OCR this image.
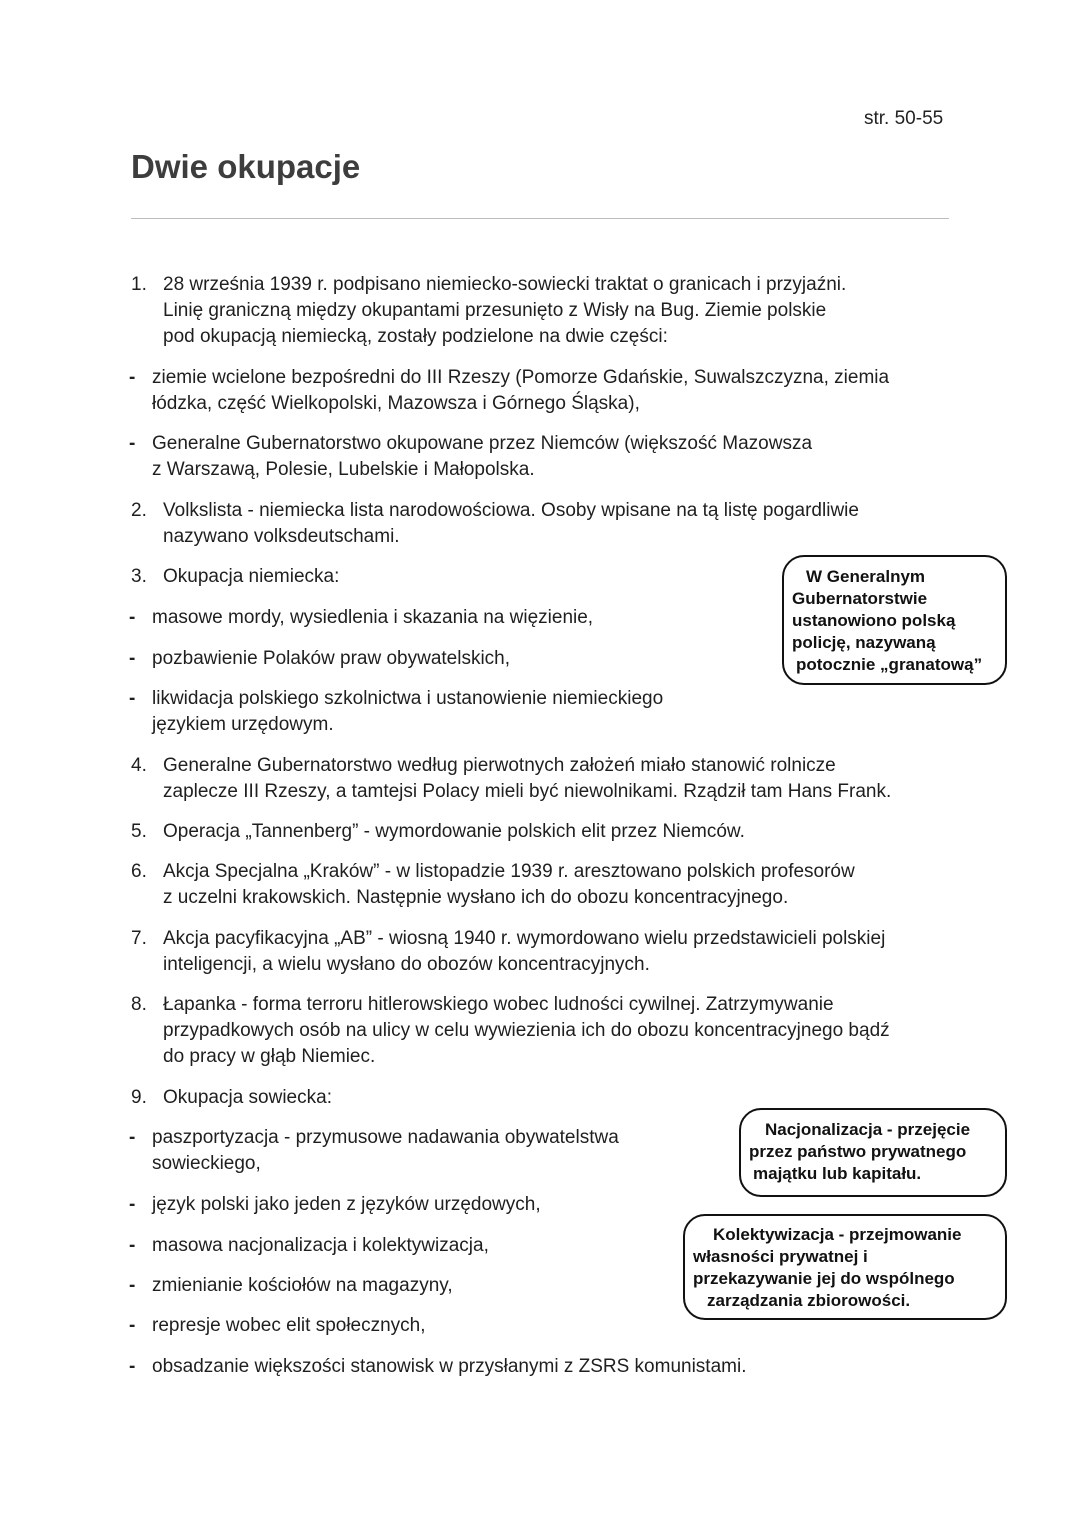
str. 50-55
Dwie okupacje
1. 28 września 1939 r. podpisano niemiecko-sowiecki traktat o granicach i przyjaźni.
Linię graniczną między okupantami przesunięto z Wisły na Bug. Ziemie polskie
pod okupacją niemiecką, zostały podzielone na dwie części:
- ziemie wcielone bezpośredni do III Rzeszy (Pomorze Gdańskie, Suwalszczyzna, ziemia
łódzka, część Wielkopolski, Mazowsza i Górnego Śląska),
- Generalne Gubernatorstwo okupowane przez Niemców (większość Mazowsza
z Warszawą, Polesie, Lubelskie i Małopolska.
2. Volkslista - niemiecka lista narodowościowa. Osoby wpisane na tą listę pogardliwie
nazywano volksdeutschami.
3. Okupacja niemiecka:
- masowe mordy, wysiedlenia i skazania na więzienie,
- pozbawienie Polaków praw obywatelskich,
- likwidacja polskiego szkolnictwa i ustanowienie niemieckiego
językiem urzędowym.
W Generalnym
Gubernatorstwie
ustanowiono polską
policję, nazywaną
potocznie „granatową”
4. Generalne Gubernatorstwo według pierwotnych założeń miało stanowić rolnicze
zaplecze III Rzeszy, a tamtejsi Polacy mieli być niewolnikami. Rządził tam Hans Frank.
5. Operacja „Tannenberg” - wymordowanie polskich elit przez Niemców.
6. Akcja Specjalna „Kraków” - w listopadzie 1939 r. aresztowano polskich profesorów
z uczelni krakowskich. Następnie wysłano ich do obozu koncentracyjnego.
7. Akcja pacyfikacyjna „AB” - wiosną 1940 r. wymordowano wielu przedstawicieli polskiej
inteligencji, a wielu wysłano do obozów koncentracyjnych.
8. Łapanka - forma terroru hitlerowskiego wobec ludności cywilnej. Zatrzymywanie
przypadkowych osób na ulicy w celu wywiezienia ich do obozu koncentracyjnego bądź
do pracy w głąb Niemiec.
9. Okupacja sowiecka:
- paszportyzacja - przymusowe nadawania obywatelstwa
sowieckiego,
- język polski jako jeden z języków urzędowych,
- masowa nacjonalizacja i kolektywizacja,
- zmienianie kościołów na magazyny,
- represje wobec elit społecznych,
- obsadzanie większości stanowisk w przysłanymi z ZSRS komunistami.
Nacjonalizacja - przejęcie
przez państwo prywatnego
majątku lub kapitału.
Kolektywizacja - przejmowanie
własności prywatnej i
przekazywanie jej do wspólnego
zarządzania zbiorowości.
